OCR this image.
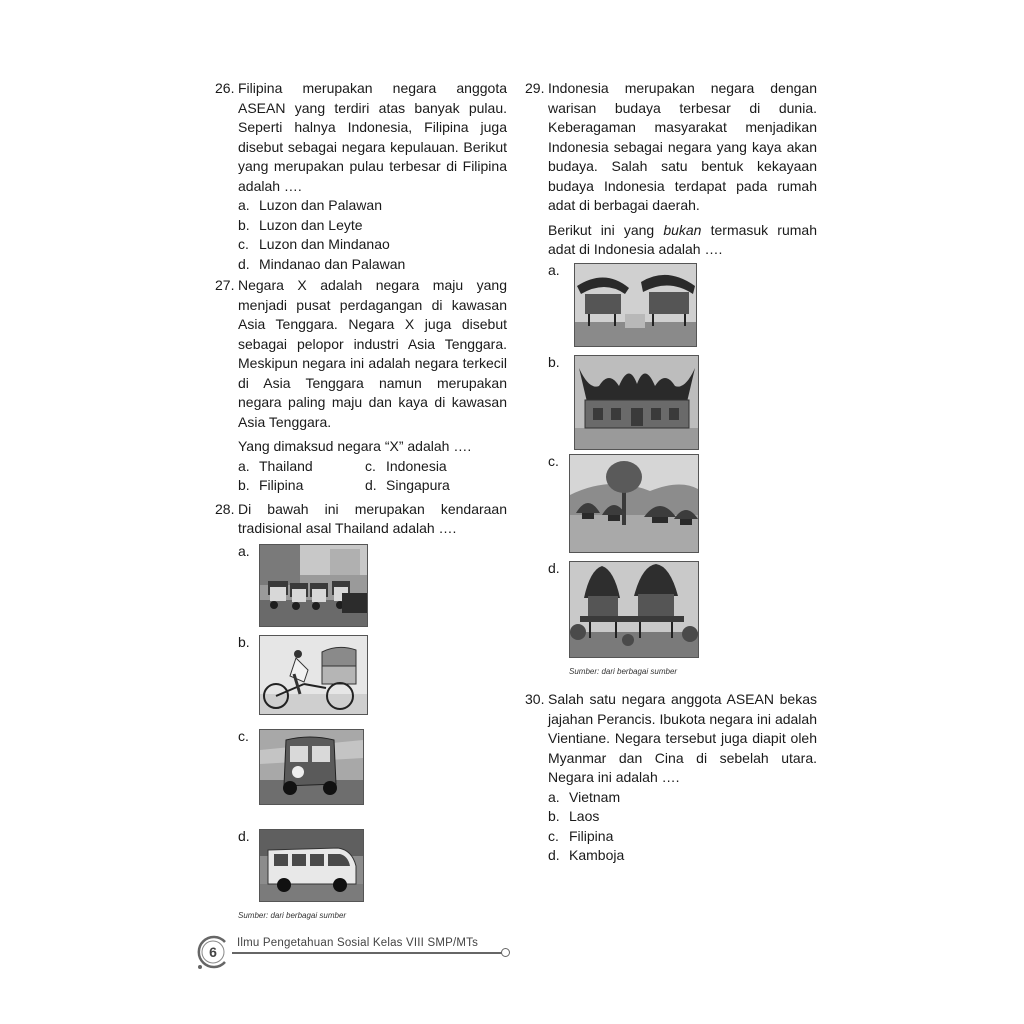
26. Filipina merupakan negara anggota ASEAN yang terdiri atas banyak pulau. Seperti halnya Indonesia, Filipina juga disebut sebagai negara kepulauan. Berikut yang merupakan pulau terbesar di Filipina adalah ….
a. Luzon dan Palawan
b. Luzon dan Leyte
c. Luzon dan Mindanao
d. Mindanao dan Palawan
27. Negara X adalah negara maju yang menjadi pusat perdagangan di kawasan Asia Tenggara. Negara X juga disebut sebagai pelopor industri Asia Tenggara. Meskipun negara ini adalah negara terkecil di Asia Tenggara namun merupakan negara paling maju dan kaya di kawasan Asia Tenggara.
Yang dimaksud negara “X” adalah ….
a. Thailand	c. Indonesia
b. Filipina	d. Singapura
28. Di bawah ini merupakan kendaraan tradisional asal Thailand adalah ….
a.
b.
c.
d.
Sumber: dari berbagai sumber
29. Indonesia merupakan negara dengan warisan budaya terbesar di dunia. Keberagaman masyarakat menjadikan Indonesia sebagai negara yang kaya akan budaya. Salah satu bentuk kekayaan budaya Indonesia terdapat pada rumah adat di berbagai daerah.
Berikut ini yang bukan termasuk rumah adat di Indonesia adalah ….
a.
b.
c.
d.
Sumber: dari berbagai sumber
30. Salah satu negara anggota ASEAN bekas jajahan Perancis. Ibukota negara ini adalah Vientiane. Negara tersebut juga diapit oleh Myanmar dan Cina di sebelah utara. Negara ini adalah ….
a. Vietnam
b. Laos
c. Filipina
d. Kamboja
6
Ilmu Pengetahuan Sosial Kelas VIII SMP/MTs
